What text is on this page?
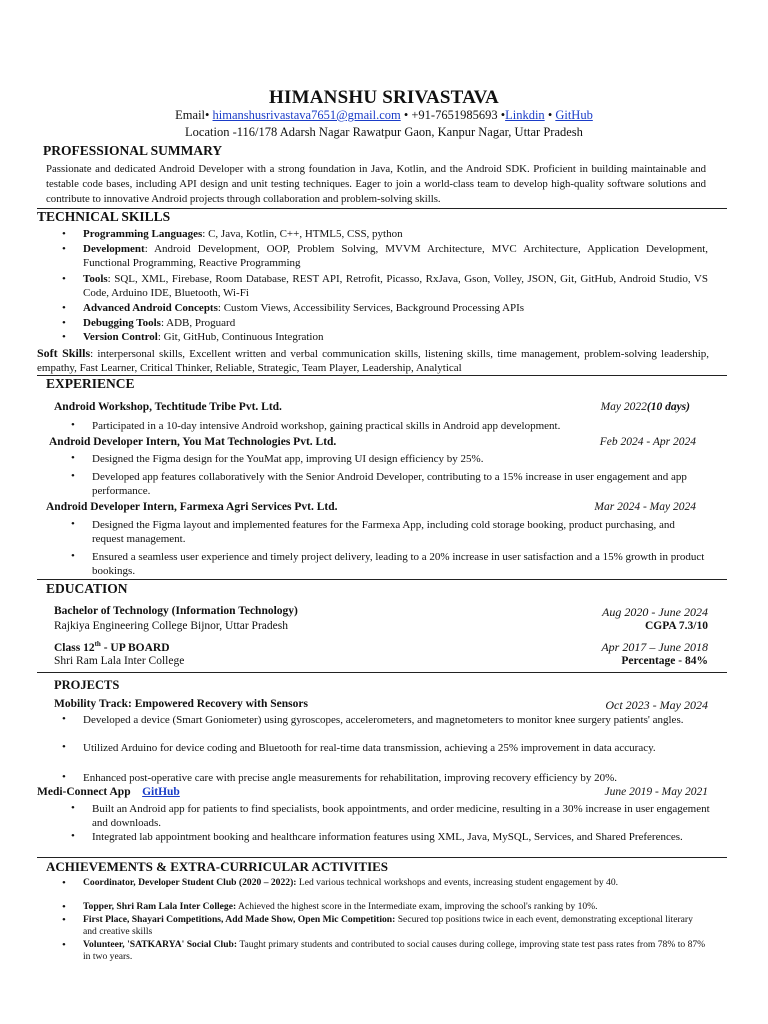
HIMANSHU SRIVASTAVA
Email• himanshusrivastava7651@gmail.com • +91-7651985693 •Linkdin • GitHub
Location -116/178 Adarsh Nagar Rawatpur Gaon, Kanpur Nagar, Uttar Pradesh
PROFESSIONAL SUMMARY
Passionate and dedicated Android Developer with a strong foundation in Java, Kotlin, and the Android SDK. Proficient in building maintainable and testable code bases, including API design and unit testing techniques. Eager to join a world-class team to develop high-quality software solutions and contribute to innovative Android projects through collaboration and problem-solving skills.
TECHNICAL SKILLS
• Programming Languages: C, Java, Kotlin, C++, HTML5, CSS, python
• Development: Android Development, OOP, Problem Solving, MVVM Architecture, MVC Architecture, Application Development, Functional Programming, Reactive Programming
• Tools: SQL, XML, Firebase, Room Database, REST API, Retrofit, Picasso, RxJava, Gson, Volley, JSON, Git, GitHub, Android Studio, VS Code, Arduino IDE, Bluetooth, Wi-Fi
• Advanced Android Concepts: Custom Views, Accessibility Services, Background Processing APIs
• Debugging Tools: ADB, Proguard
• Version Control: Git, GitHub, Continuous Integration
Soft Skills: interpersonal skills, Excellent written and verbal communication skills, listening skills, time management, problem-solving leadership, empathy, Fast Learner, Critical Thinker, Reliable, Strategic, Team Player, Leadership, Analytical
EXPERIENCE
Android Workshop, Techtitude Tribe Pvt. Ltd.	May 2022(10 days)
• Participated in a 10-day intensive Android workshop, gaining practical skills in Android app development.
Android Developer Intern, You Mat Technologies Pvt. Ltd.	Feb 2024 - Apr 2024
• Designed the Figma design for the YouMat app, improving UI design efficiency by 25%.
• Developed app features collaboratively with the Senior Android Developer, contributing to a 15% increase in user engagement and app performance.
Android Developer Intern, Farmexa Agri Services Pvt. Ltd.	Mar 2024 - May 2024
• Designed the Figma layout and implemented features for the Farmexa App, including cold storage booking, product purchasing, and request management.
• Ensured a seamless user experience and timely project delivery, leading to a 20% increase in user satisfaction and a 15% growth in product bookings.
EDUCATION
Bachelor of Technology (Information Technology)	Aug 2020 - June 2024
Rajkiya Engineering College Bijnor, Uttar Pradesh	CGPA 7.3/10
Class 12th - UP BOARD	Apr 2017 – June 2018
Shri Ram Lala Inter College	Percentage - 84%
PROJECTS
Mobility Track: Empowered Recovery with Sensors	Oct 2023 - May 2024
• Developed a device (Smart Goniometer) using gyroscopes, accelerometers, and magnetometers to monitor knee surgery patients' angles.
• Utilized Arduino for device coding and Bluetooth for real-time data transmission, achieving a 25% improvement in data accuracy.
• Enhanced post-operative care with precise angle measurements for rehabilitation, improving recovery efficiency by 20%.
Medi-Connect App GitHub	June 2019 - May 2021
• Built an Android app for patients to find specialists, book appointments, and order medicine, resulting in a 30% increase in user engagement and downloads.
• Integrated lab appointment booking and healthcare information features using XML, Java, MySQL, Services, and Shared Preferences.
ACHIEVEMENTS & EXTRA-CURRICULAR ACTIVITIES
• Coordinator, Developer Student Club (2020 – 2022): Led various technical workshops and events, increasing student engagement by 40.
• Topper, Shri Ram Lala Inter College: Achieved the highest score in the Intermediate exam, improving the school's ranking by 10%.
• First Place, Shayari Competitions, Add Made Show, Open Mic Competition: Secured top positions twice in each event, demonstrating exceptional literary and creative skills
• Volunteer, 'SATKARYA' Social Club: Taught primary students and contributed to social causes during college, improving state test pass rates from 78% to 87% in two years.
